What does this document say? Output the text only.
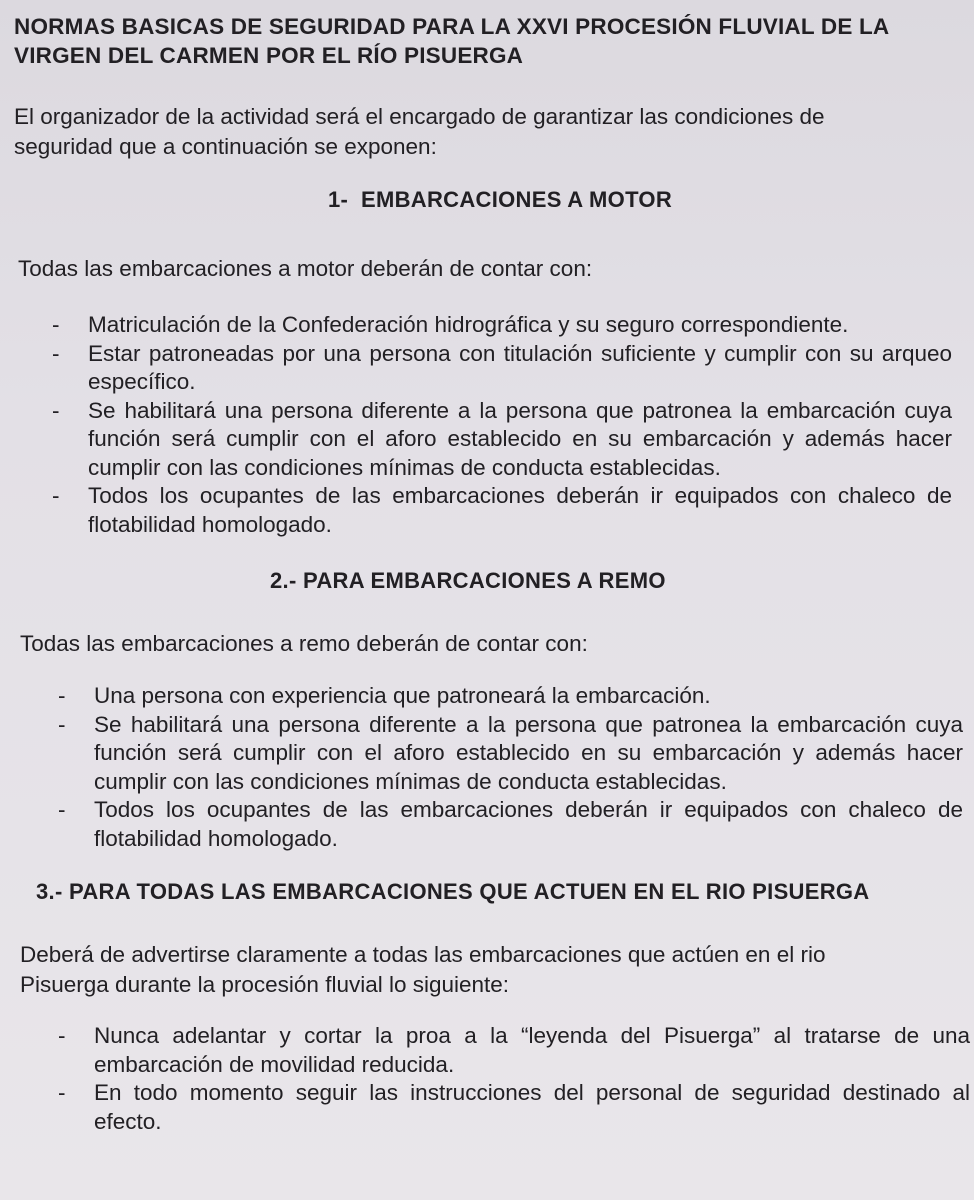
NORMAS BASICAS DE SEGURIDAD PARA LA XXVI PROCESIÓN FLUVIAL DE LA VIRGEN DEL CARMEN POR EL RÍO PISUERGA

El organizador de la actividad será el encargado de garantizar las condiciones de seguridad que a continuación se exponen:

1-  EMBARCACIONES A MOTOR

Todas las embarcaciones a motor deberán de contar con:

- Matriculación de la Confederación hidrográfica y su seguro correspondiente.
- Estar patroneadas por una persona con titulación suficiente y cumplir con su arqueo específico.
- Se habilitará una persona diferente a la persona que patronea la embarcación cuya función será cumplir con el aforo establecido en su embarcación y además hacer cumplir con las condiciones mínimas de conducta establecidas.
- Todos los ocupantes de las embarcaciones deberán ir equipados con chaleco de flotabilidad homologado.
2.- PARA EMBARCACIONES A REMO

Todas las embarcaciones a remo deberán de contar con:

- Una persona con experiencia que patroneará la embarcación.
- Se habilitará una persona diferente a la persona que patronea la embarcación cuya función será cumplir con el aforo establecido en su embarcación y además hacer cumplir con las condiciones mínimas de conducta establecidas.
- Todos los ocupantes de las embarcaciones deberán ir equipados con chaleco de flotabilidad homologado.
3.- PARA TODAS LAS EMBARCACIONES QUE ACTUEN EN EL RIO PISUERGA

Deberá de advertirse claramente a todas las embarcaciones que actúen en el rio Pisuerga durante la procesión fluvial lo siguiente:

- Nunca adelantar y cortar la proa a la “leyenda del Pisuerga” al tratarse de una embarcación de movilidad reducida.
- En todo momento seguir las instrucciones del personal de seguridad destinado al efecto.
